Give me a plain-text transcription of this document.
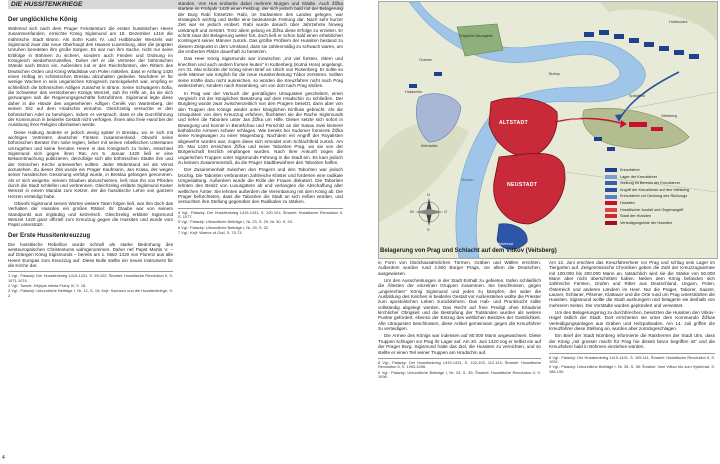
DIE HUSSITENKRIEGE
Der unglückliche König

Während sich nach dem Prager Fenstersturz die ersten hussitischen Heere zusammenfanden, erreichte König Sigismund am 18. Dezember 1419 die mährische Stadt Brünn. Als Sohn Karls IV. und Halbbruder Wenzels war Sigismund zwar das neue Oberhaupt des Hauses Luxemburg, aber die jüngsten Unruhen bereiteten ihm große Sorgen. Es war nun ihm Sache, nicht nur seine Erbfolge in Böhmen zu sichern, sondern auch Frieden und Ordnung im Königreich wiederherzustellen. Daher rief er die Vertreter der böhmischen Stände nach Brünn ein. Außerdem lud er den Reichsfürsten, den Rittern des Deutschen Orden und König Wladislaw von Polen mitteilen, dass er Anfang 1420 einen Hoftag im schlesischen Breslau abzuhalten gedenke. Nachdem er für wenige Wochen in sein ungarisches Königreich zurückgekehrt war, empfing er schließlich die böhmischen Adligen zunächst in Brünn. Seine Schwägerin Sofia, die Schwester des verstorbenen Königs Wenzel, sah ihn Hilfe an, da sie sich gezwungen sah die Regierungsgeschäfte fortzuführen. Sigismund legte diese daher in die Hände des angesehenen Adligen Čeněk von Wartenberg, der seinen Sitz auf dem Hradschin einnahm. Gleichzeitig versuchte er den böhmischen Adel zu beruhigen, indem er versprach, dass er die Durchführung der Kommunion in beiderlei Gestalt nicht verfolgen, ihnen also freie Hand bei der Ausübung ihrer Religion überlassen werde.

Diese Haltung änderte er jedoch wenig später in Breslau, wo er sich mit wichtigen Vertretern deutscher Fürsten zusammenfand. Obwohl seine böhmischen Berater ihm nahe legten, lieber mit seinen rebellischen Untertanen umzugehen und keine fremden Heere in das Königreich zu holen, entschied Sigismund sich gegen ihren Rat. Am 5. Januar 1420 ließ er eine Bekanntmachung publizieren, derzufolge sich alle böhmischen Städte ihm und der römischen Kirche unterwerfen sollten. Jeder Widerstand sei als Verrat anzusehen. Zu dieser Zeit wurde ein Prager Kaufmann, Jan Krasa, der wegen seiner hussitischen Gesinnung verfolgt wurde, in Breslau gefangen genommen. Als er sich weigerte, seinem Glauben abzuschwören, ließ man ihn von Pferden durch die Stadt schleifen und verbrennen. Gleichzeitig erklärte Sigismund Kaiser Wenzel in einem Mandat zum Ketzer, der die hussitische Lehre von ganzem Herzen verteidigt habe.

Obwohl Sigismund seinen Worten weitere Taten folgen ließ, war ihm doch das Verhalten der Hussiten ein großes Rätsel: Ihr Glaube war von seinem Standpunkt aus irrgläubig und ketzerisch. Gleichzeitig erklärte Sigismund Wenzel 1420 ganz offiziell zum Kreuzzug gegen die Hussiten und wurde vom Papst unterstützt.

Der Erste Hussitenkreuzzug

Die hussitische Rebellion wurde schnell als starke Bedrohung des westeuropäischen Christentums wahrgenommen. Daher rief Papst Martin V. – auf Drängen König Sigismunds – bereits am 1. März 1420 von Florenz aus alle Heere Europas zum Kreuzzug auf. Diese Bulle stellte ein neues Instrument für die Kirche dar.

1 Vgl.: Palacký: Der Hussitenkrieg 1419-1431, S. 99-102; Šmahel: Hussitische Revolution II, S. 1071-1074.
2 Vgl.: Tomek: Dějepis města Prahy IV, S. 18.
3 Vgl.: Palacký: Urkundliche Beiträge I, Nr. 12, S. 15; Kejř: Sachsen und die Hussitenkriege, S. 2.

standen. Von Hus erobertie dabei mehrere Burgen und Städte. Auch Žižka startete im Frühjahr 1420 einen Feldzug, der sich jedoch bald mit der Belagerung der Burg Rabí fortsetzte. Rabí, im Südwesten des Landes gelegen, war strategisch wichtig und stellte eine bedeutende Festung dar. Nach sehr kurzer Zeit war es jedoch erobert. Rabí wurde danach über Jahrzehnte hinweg umkämpft und zerstört. Trotz allem gelang es Žižka diese Erfolge zu erzielen. Er schritt zwar der Belagerung weiter fort, doch ließ er schon bald einen erheblichen Kontingent seiner Männer zurück. Das größte Problem der Hussiten bestand zu diesem Zeitpunkt in dem Umstand, dass sie zahlenmäßig zu schwach waren, um die eroberten Plätze dauerhaft zu besetzen.

Das Heer König Sigismunds war inzwischen „mit viel fürsten, rittern und knechten und auch andern frumen leuten“ in Kuttenberg (Kutná Hora) angelangt. Am 31. Mai schickte der König einen Brief an Ulrich von Rosenberg. Er sollte so viele Männer wie möglich für die neue Hussitenfestung Tábor zerstören. Sollten seine Kräfte dazu nicht ausreichen, so würden die Kreuzfahrer nicht nach Prag weiterziehen, sondern nach Rosenberg, um von dort nach Prag stoßen.

In Prag war der Versuch der gemäßigten Utraquisten gescheitert, einen Vergleich mit der königlichen Besatzung auf dem Hradschin zu schließen. Der Burgberg wurde zwar zwischenzeitlich von den Pragern besetzt, dann aber von den Truppen des Königs wieder unter königlichen Einfluss gebracht. Als die Utraquisten von dem Kreuzzug erfuhren, flüchteten sie die Rache Sigismunds und riefen die Taboriten unter Jan Žižka um Hilfe. Dieser setzte sich sofort in Bewegung und konnte in Benešchau und Porschitz an der Sasau zwei kleinere katholische Armeen schwer schlagen. Wie bereits bei Sudomer formierte Žižka seine Kriegswagen zu einer Wagenburg. Nachdem ein Angriff der Royalisten abgewehrt worden war, zogen diese sich ermüdet vom Schlachtfeld zurück. Am 20. Mai 1420 erreichten Žižka und seine Taboriten Prag, wo sie von der Bürgerschaft herzlich empfangen wurden. Nach ihrer Ankunft zogen die ungarischen Truppen unter Sigismunds Führung in die Stadt ein. Es kam jedoch zu keinem Zusammenstoß, da die Prager Stadtbewohner den Taboriten halfen.

Der Zusammenhalt zwischen den Pragern und den Taboriten war jedoch brüchig. Die Taboriten verbrannten zahlreiche Klöster und forderten eine radikale Umgestaltung. Außerdem wurde die Rolle der Frauen diskutiert. Die Taboriten lehnten den Besitz von Luxusgütern ab und verlangten die Abschaffung aller weltlichen Ämter. Sie lehnten außerdem die Vereinbarung mit dem König ab. Die Prager befürchteten, dass die Taboriten die Stadt an sich reißen würden, und versuchten ihre Stellung gegenüber den Radikalen zu stärken.

4 Vgl.: Palacký: Der Hussitenkrieg 1419-1431, S. 100-101; Šmahel: Hussitische Revolution II, S. 1077.
5 Vgl.: Palacký: Urkundliche Beiträge I, Nr. 23, S. 29; Nr. 30, S. 33.
6 Vgl.: Palacký: Urkundliche Beiträge I, Nr. 29, S. 32.
7 Vgl.: Kejř: Warrior of God, S. 70-73.
Holešovice
Königlicher Baumgarten
Ovenec
Bubny
Hradschin
ALTSTADT
NEUSTADT
Kleinseite
Vyšehrad
Veitsberg
Spitalfeld
Moldau
N
S
W	O
Kreuzfahrer
Lager der Kreuzfahrer
Stellung im Bereich der Kreuzfahrer
Angriff der Kreuzfahrer auf den Veitsberg
Kreuzfahrer zur Deckung des Rückzugs
Hussiten
Hussitischer Ausfall und Gegenangriff
Stadt der Hussiten
Verteidigungslinie der Hussiten
Belagerung von Prag und Schlacht auf dem Vítkov (Veitsberg)

in Form von blockhausähnlichen Türmen, Gräben und Wällen errichten. Außerdem wurden rund 2.500 Bürger Prags, vor allem die Deutschen, ausgewiesen.

Um den Ausschreitungen in der Stadt Einhalt zu gebieten, trafen schließlich die Ältesten der einzelnen Gruppen zusammen. Sie beschlossen, gegen „ungerechten“ König Sigismund und jeden zu kämpfen, der wider die Ausbildung des Kelches in beiderlei Gestalt vor Außenstehen wollte die Priester zum apostolischen Leben zurückkehren. Das Hab- und Prunksucht sollte vollständig abgelegt werden. Das Recht auf freie Predigt ohne Erlaubnis kirchlicher Obrigkeit und die Bestrafung der Todsünden wurden als weitere Punkte gefordert, ebenso der Entzug des weltlichen Besitzes der Geistlichkeit. Alle Utraquisten beschlossen, diese Artikel gemeinsam gegen die Kreuzfahrer zu verteidigen.

Die Armee des Königs war indessen auf 80.000 Mann angewachsen. Diese Truppen schlugen vor Prag ihr Lager auf. Am 30. Juni 1420 zog er selbst ein auf der Prager Burg. Sigismund hatte das Ziel, die Hussiten zu vernichten, und so stellte er einen Teil seiner Truppen am Hradschin auf.

8 Vgl.: Palacký: Der Hussitenkrieg 1419-1431, S. 102-103, 112-113; Šmahel: Hussitische Revolution II, S. 1093-1096.
9 Vgl.: Palacký: Urkundliche Beiträge I, Nr. 33, S. 35; Šmahel: Hussitische Revolution II, S. 1096.

Am 12. Juni erschien das Kreuzfahrerheer vor Prag und schlug sein Lager im Tiergarten auf. Zeitgenössische Chroniken geben die Zahl der Kreuzzugsarmee mit 100.000 bis 200.000 Mann an, tatsächlich wird sie die Stärke von 50.000 Mann aber nicht überschritten haben. Neben dem König befanden sich zahlreiche Fürsten, Grafen und Ritter aus Deutschland, Ungarn, Polen, Österreich und anderen Ländern im Heer. Nur die Prager, Taborer, Saazer, Launer, Schlaner, Pilsener, Klattauer und die Orte rund um Prag unterstützten die Hussiten. Sigismund wollte die Stadt aushungern und belagerte sie deshalb von mehreren Seiten. Die Vorstädte wurden geplündert und verwüstet.

Um den Belagerungsring zu durchbrechen, besetzten die Hussiten den Vitkov-Hügel östlich der Stadt. Dort errichteten sie unter dem Kommando Žižkas Verteidigungsanlagen aus Gräben und Holzpalisaden. Am 14. Juli griffen die Kreuzfahrer diese Stellung an, wurden aber zurückgeschlagen.

Ein Brief der Stadt Nürnberg informierte die Ratsherren der Stadt Ulm, dass der König „mit grosser macht für Prag hie disseit bevor begriffen ist“ und die Kreuzfahrer bald in Böhmen einziehen würden.

8 Vgl.: Palacký: Der Hussitenkrieg 1419-1431, S. 109-111; Šmahel: Hussitische Revolution II, S. 1092.
9 Vgl.: Palacký: Urkundliche Beiträge I, Nr. 35, S. 38; Šmahel: Vom Vitkov bis zum Vyšehrad, S. 186-190.
4
